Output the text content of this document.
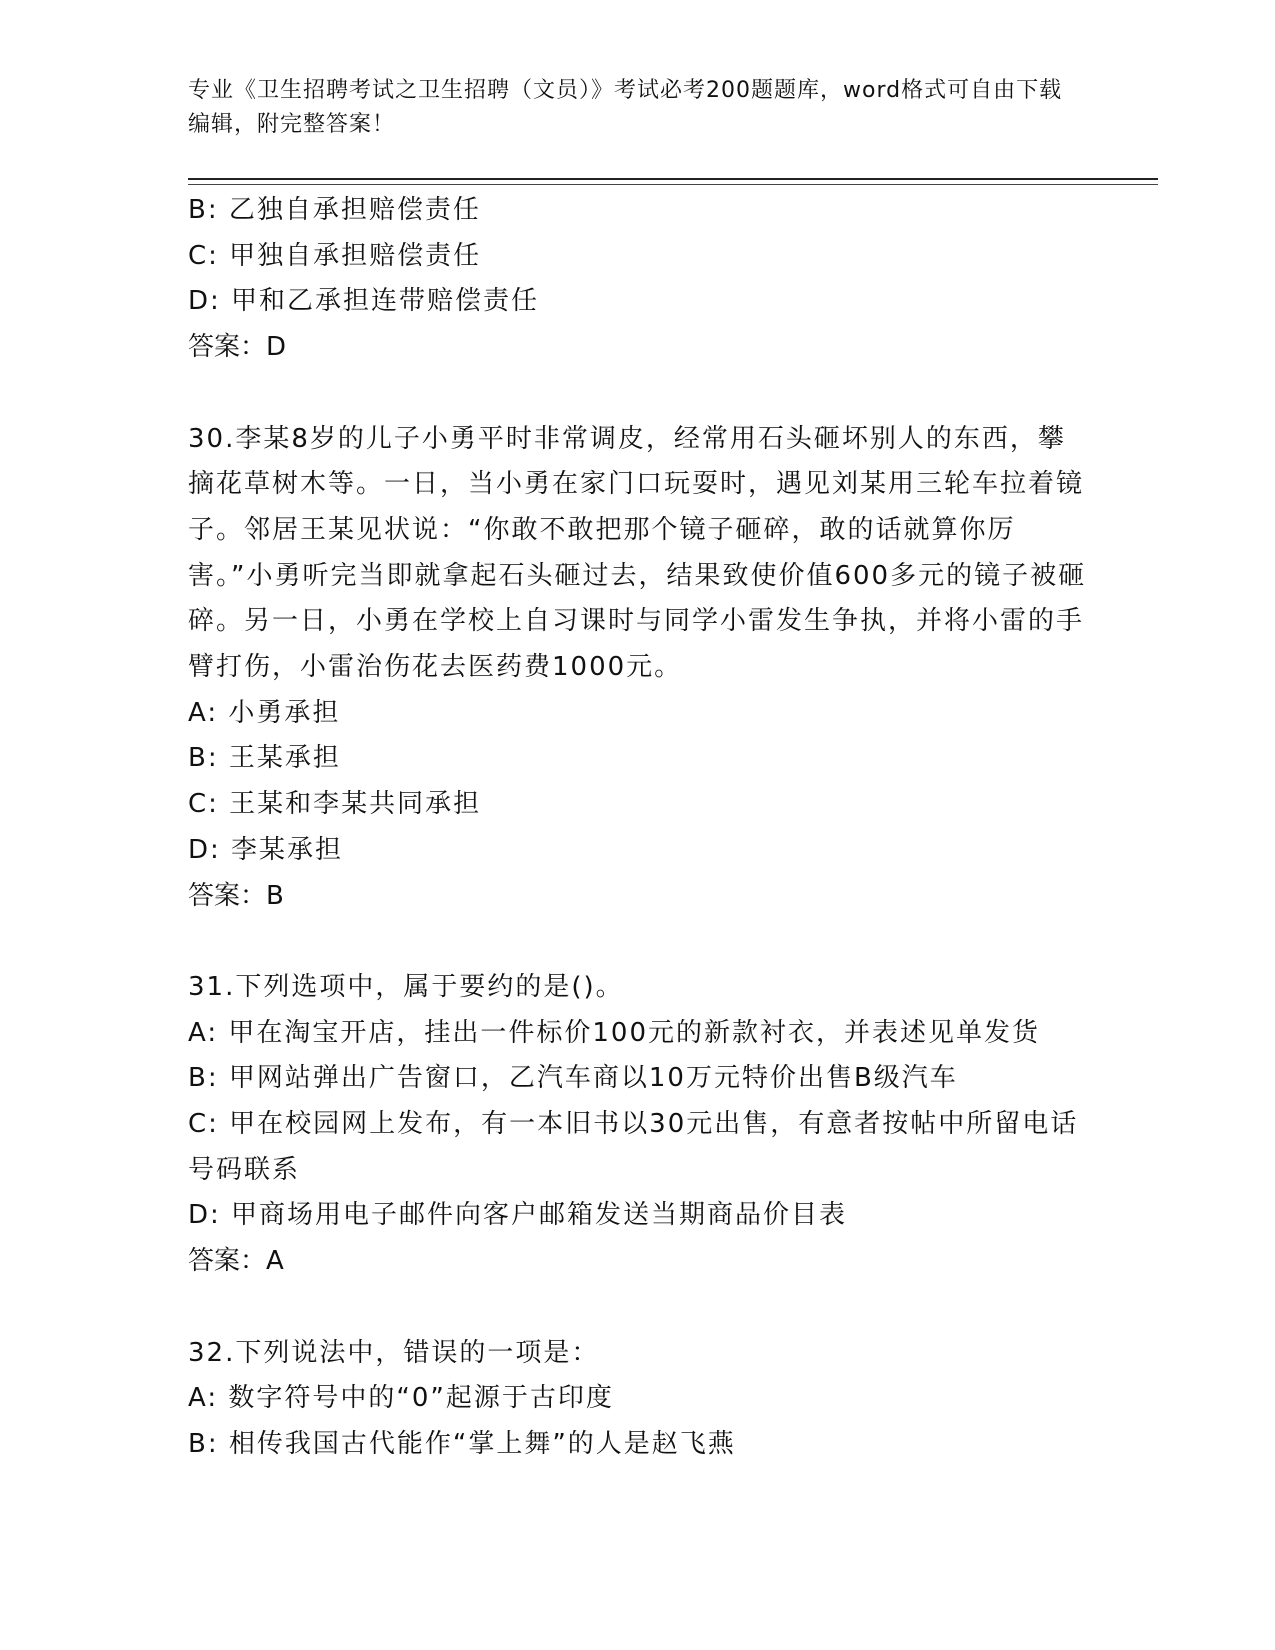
专业《卫生招聘考试之卫生招聘（文员）》考试必考200题题库，word格式可自由下载编辑，附完整答案！

B: 乙独自承担赔偿责任

C: 甲独自承担赔偿责任

D: 甲和乙承担连带赔偿责任

答案：D

30.李某8岁的儿子小勇平时非常调皮，经常用石头砸坏别人的东西，攀摘花草树木等。一日，当小勇在家门口玩耍时，遇见刘某用三轮车拉着镜子。邻居王某见状说：“你敢不敢把那个镜子砸碎，敢的话就算你厉害。”小勇听完当即就拿起石头砸过去，结果致使价值600多元的镜子被砸碎。另一日，小勇在学校上自习课时与同学小雷发生争执，并将小雷的手臂打伤，小雷治伤花去医药费1000元。

A: 小勇承担

B: 王某承担

C: 王某和李某共同承担

D: 李某承担

答案：B

31.下列选项中，属于要约的是()。

A: 甲在淘宝开店，挂出一件标价100元的新款衬衣，并表述见单发货

B: 甲网站弹出广告窗口，乙汽车商以10万元特价出售B级汽车

C: 甲在校园网上发布，有一本旧书以30元出售，有意者按帖中所留电话号码联系

D: 甲商场用电子邮件向客户邮箱发送当期商品价目表

答案：A

32.下列说法中，错误的一项是：

A: 数字符号中的“0”起源于古印度

B: 相传我国古代能作“掌上舞”的人是赵飞燕
